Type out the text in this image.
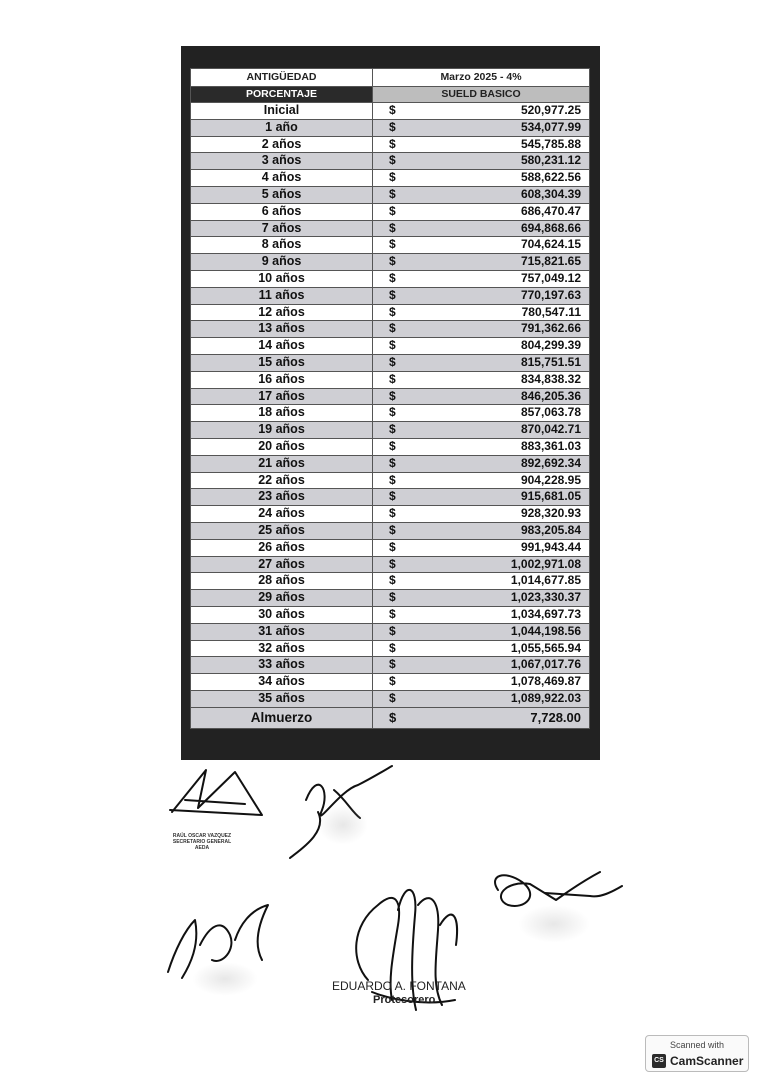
ANTIGÜEDAD	Marzo 2025 - 4%
PORCENTAJE	SUELD BASICO
Inicial	$ 520,977.25

1 año	$ 534,077.99

2 años	$ 545,785.88

3 años	$ 580,231.12

4 años	$ 588,622.56

5 años	$ 608,304.39

6 años	$ 686,470.47

7 años	$ 694,868.66

8 años	$ 704,624.15

9 años	$ 715,821.65

10 años	$ 757,049.12

11 años	$ 770,197.63

12 años	$ 780,547.11

13 años	$ 791,362.66

14 años	$ 804,299.39

15 años	$ 815,751.51

16 años	$ 834,838.32

17 años	$ 846,205.36

18 años	$ 857,063.78

19 años	$ 870,042.71

20 años	$ 883,361.03

21 años	$ 892,692.34

22 años	$ 904,228.95

23 años	$ 915,681.05

24 años	$ 928,320.93

25 años	$ 983,205.84

26 años	$ 991,943.44

27 años	$ 1,002,971.08

28 años	$ 1,014,677.85

29 años	$ 1,023,330.37

30 años	$ 1,034,697.73

31 años	$ 1,044,198.56

32 años	$ 1,055,565.94

33 años	$ 1,067,017.76

34 años	$ 1,078,469.87

35 años	$ 1,089,922.03

Almuerzo	$ 7,728.00
RAÚL OSCAR VAZQUEZ
SECRETARIO GENERAL
AEDA
EDUARDO A. FONTANA
Protesorero
Scanned with
CS CamScanner
